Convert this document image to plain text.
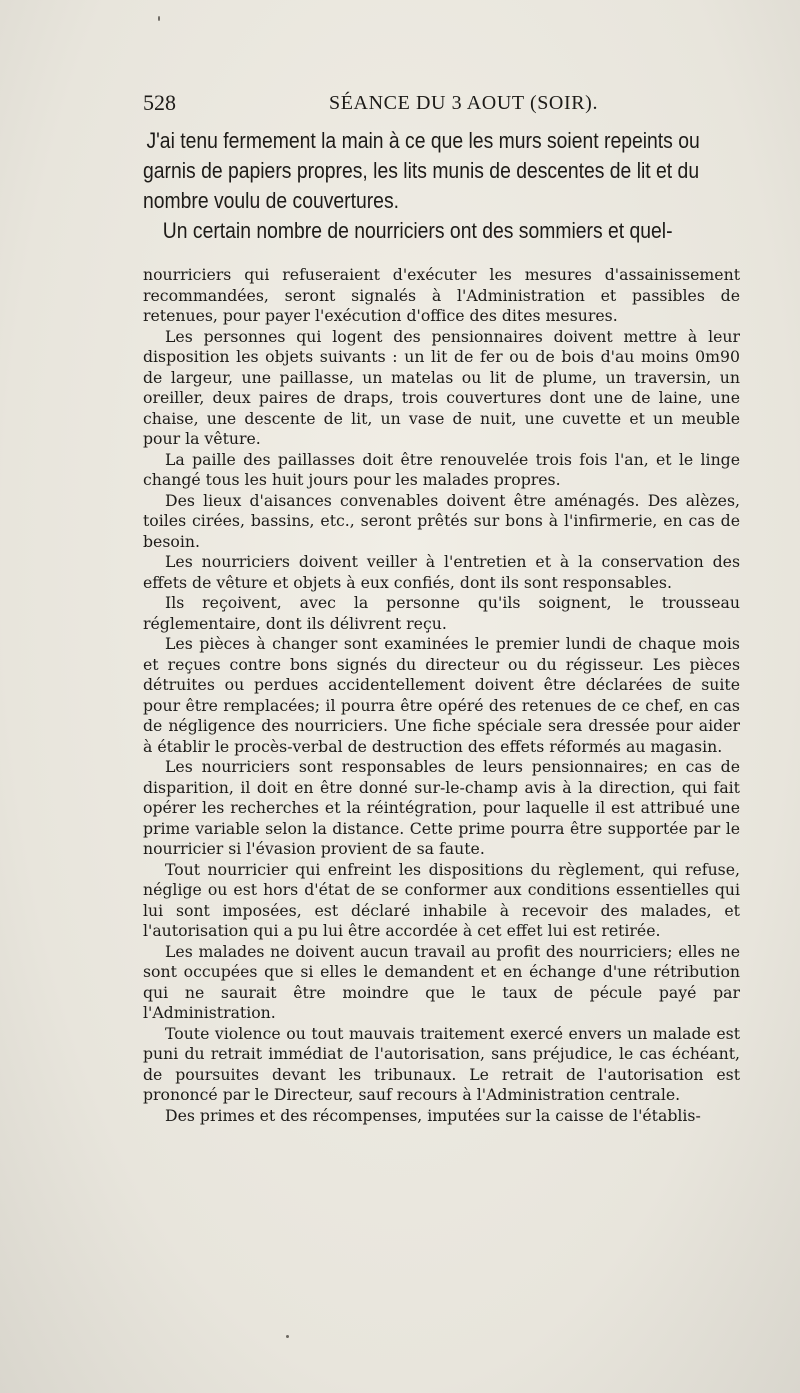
528	SÉANCE DU 3 AOUT (SOIR).

J'ai tenu fermement la main à ce que les murs soient repeints ou garnis de papiers propres, les lits munis de descentes de lit et du nombre voulu de couvertures.

Un certain nombre de nourriciers ont des sommiers et quel-

nourriciers qui refuseraient d'exécuter les mesures d'assainissement recommandées, seront signalés à l'Administration et passibles de retenues, pour payer l'exécution d'office des dites mesures.

Les personnes qui logent des pensionnaires doivent mettre à leur disposition les objets suivants : un lit de fer ou de bois d'au moins 0m90 de largeur, une paillasse, un matelas ou lit de plume, un traversin, un oreiller, deux paires de draps, trois couvertures dont une de laine, une chaise, une descente de lit, un vase de nuit, une cuvette et un meuble pour la vêture.

La paille des paillasses doit être renouvelée trois fois l'an, et le linge changé tous les huit jours pour les malades propres.

Des lieux d'aisances convenables doivent être aménagés. Des alèzes, toiles cirées, bassins, etc., seront prêtés sur bons à l'infirmerie, en cas de besoin.

Les nourriciers doivent veiller à l'entretien et à la conservation des effets de vêture et objets à eux confiés, dont ils sont responsables.

Ils reçoivent, avec la personne qu'ils soignent, le trousseau réglementaire, dont ils délivrent reçu.

Les pièces à changer sont examinées le premier lundi de chaque mois et reçues contre bons signés du directeur ou du régisseur. Les pièces détruites ou perdues accidentellement doivent être déclarées de suite pour être remplacées; il pourra être opéré des retenues de ce chef, en cas de négligence des nourriciers. Une fiche spéciale sera dressée pour aider à établir le procès-verbal de destruction des effets réformés au magasin.

Les nourriciers sont responsables de leurs pensionnaires; en cas de disparition, il doit en être donné sur-le-champ avis à la direction, qui fait opérer les recherches et la réintégration, pour laquelle il est attribué une prime variable selon la distance. Cette prime pourra être supportée par le nourricier si l'évasion provient de sa faute.

Tout nourricier qui enfreint les dispositions du règlement, qui refuse, néglige ou est hors d'état de se conformer aux conditions essentielles qui lui sont imposées, est déclaré inhabile à recevoir des malades, et l'autorisation qui a pu lui être accordée à cet effet lui est retirée.

Les malades ne doivent aucun travail au profit des nourriciers; elles ne sont occupées que si elles le demandent et en échange d'une rétribution qui ne saurait être moindre que le taux de pécule payé par l'Administration.

Toute violence ou tout mauvais traitement exercé envers un malade est puni du retrait immédiat de l'autorisation, sans préjudice, le cas échéant, de poursuites devant les tribunaux. Le retrait de l'autorisation est prononcé par le Directeur, sauf recours à l'Administration centrale.

Des primes et des récompenses, imputées sur la caisse de l'établis-
